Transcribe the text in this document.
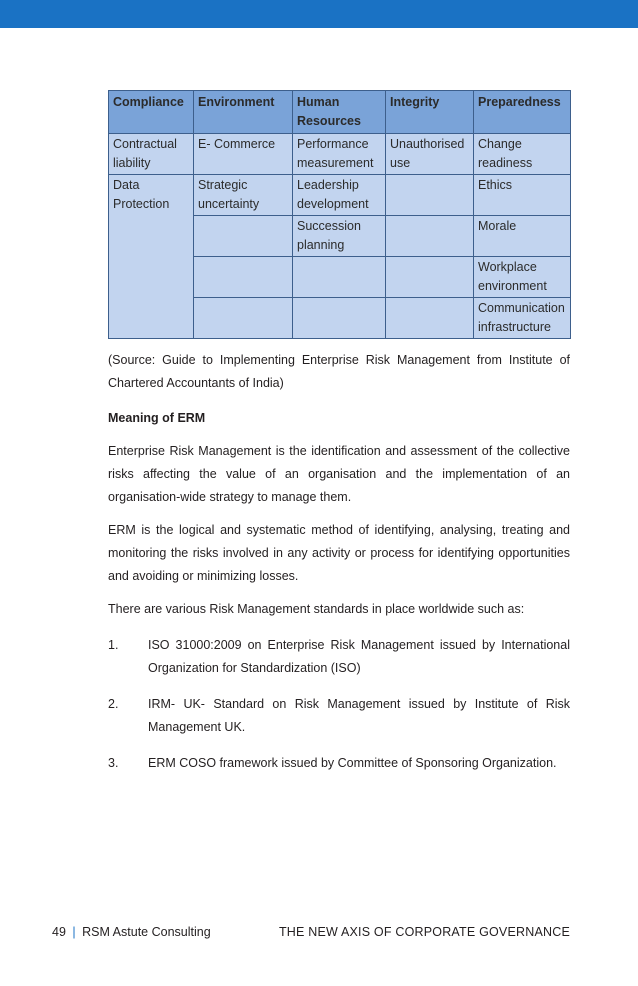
Compliance	Environment	Human Resources	Integrity	Preparedness
Contractual liability	E- Commerce	Performance measurement	Unauthorised use	Change readiness
Data Protection	Strategic uncertainty	Leadership development		Ethics
		Succession planning		Morale
				Workplace environment
				Communication infrastructure

(Source: Guide to Implementing Enterprise Risk Management from Institute of Chartered Accountants of India)

Meaning of ERM

Enterprise Risk Management is the identification and assessment of the collective risks affecting the value of an organisation and the implementation of an organisation-wide strategy to manage them.

ERM is the logical and systematic method of identifying, analysing, treating and monitoring the risks involved in any activity or process for identifying opportunities and avoiding or minimizing losses.

There are various Risk Management standards in place worldwide such as:

1. ISO 31000:2009 on Enterprise Risk Management issued by International Organization for Standardization (ISO)

2. IRM- UK- Standard on Risk Management issued by Institute of Risk Management UK.

3. ERM COSO framework issued by Committee of Sponsoring Organization.

49 | RSM Astute Consulting	THE NEW AXIS OF CORPORATE GOVERNANCE
